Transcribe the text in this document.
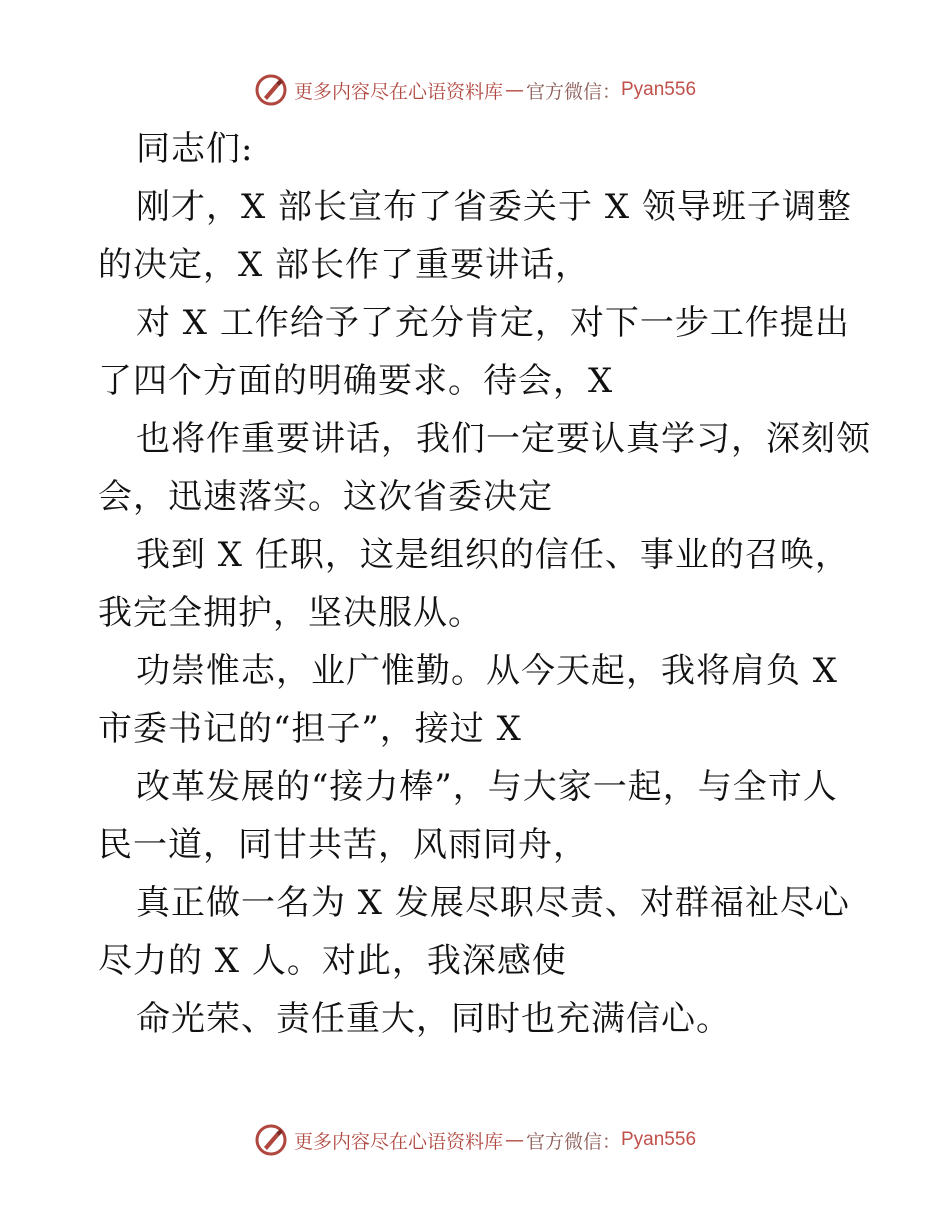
更多内容尽在心语资料库 — 官方微信： Pyan556
同志们:
刚才，X 部长宣布了省委关于 X 领导班子调整
的决定，X 部长作了重要讲话，
对 X 工作给予了充分肯定，对下一步工作提出
了四个方面的明确要求。待会，X
也将作重要讲话，我们一定要认真学习，深刻领
会，迅速落实。这次省委决定
我到 X 任职，这是组织的信任、事业的召唤，
我完全拥护，坚决服从。
功崇惟志，业广惟勤。从今天起，我将肩负 X
市委书记的“担子”，接过 X
改革发展的“接力棒”，与大家一起，与全市人
民一道，同甘共苦，风雨同舟，
真正做一名为 X 发展尽职尽责、对群福祉尽心
尽力的 X 人。对此，我深感使
命光荣、责任重大，同时也充满信心。
更多内容尽在心语资料库 — 官方微信： Pyan556
